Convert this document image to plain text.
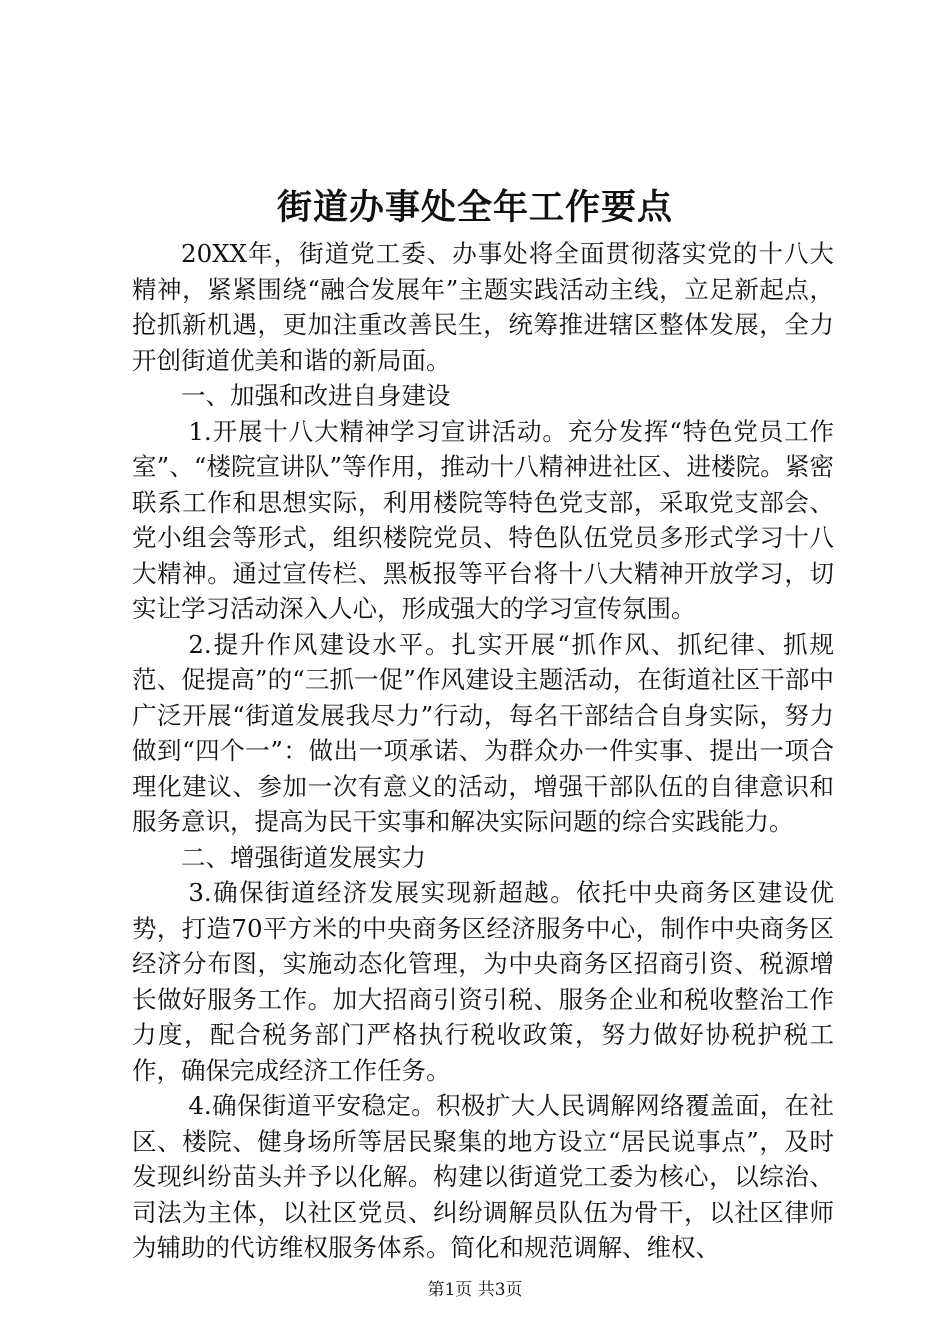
街道办事处全年工作要点

20XX年，街道党工委、办事处将全面贯彻落实党的十八大精神，紧紧围绕“融合发展年”主题实践活动主线，立足新起点，抢抓新机遇，更加注重改善民生，统筹推进辖区整体发展，全力开创街道优美和谐的新局面。

一、加强和改进自身建设

1.开展十八大精神学习宣讲活动。充分发挥“特色党员工作室”、“楼院宣讲队”等作用，推动十八精神进社区、进楼院。紧密联系工作和思想实际，利用楼院等特色党支部，采取党支部会、党小组会等形式，组织楼院党员、特色队伍党员多形式学习十八大精神。通过宣传栏、黑板报等平台将十八大精神开放学习，切实让学习活动深入人心，形成强大的学习宣传氛围。

2.提升作风建设水平。扎实开展“抓作风、抓纪律、抓规范、促提高”的“三抓一促”作风建设主题活动，在街道社区干部中广泛开展“街道发展我尽力”行动，每名干部结合自身实际，努力做到“四个一”：做出一项承诺、为群众办一件实事、提出一项合理化建议、参加一次有意义的活动，增强干部队伍的自律意识和服务意识，提高为民干实事和解决实际问题的综合实践能力。

二、增强街道发展实力

3.确保街道经济发展实现新超越。依托中央商务区建设优势，打造70平方米的中央商务区经济服务中心，制作中央商务区经济分布图，实施动态化管理，为中央商务区招商引资、税源增长做好服务工作。加大招商引资引税、服务企业和税收整治工作力度，配合税务部门严格执行税收政策，努力做好协税护税工作，确保完成经济工作任务。

4.确保街道平安稳定。积极扩大人民调解网络覆盖面，在社区、楼院、健身场所等居民聚集的地方设立“居民说事点”，及时发现纠纷苗头并予以化解。构建以街道党工委为核心，以综治、司法为主体，以社区党员、纠纷调解员队伍为骨干，以社区律师为辅助的代访维权服务体系。简化和规范调解、维权、

第1页 共3页
